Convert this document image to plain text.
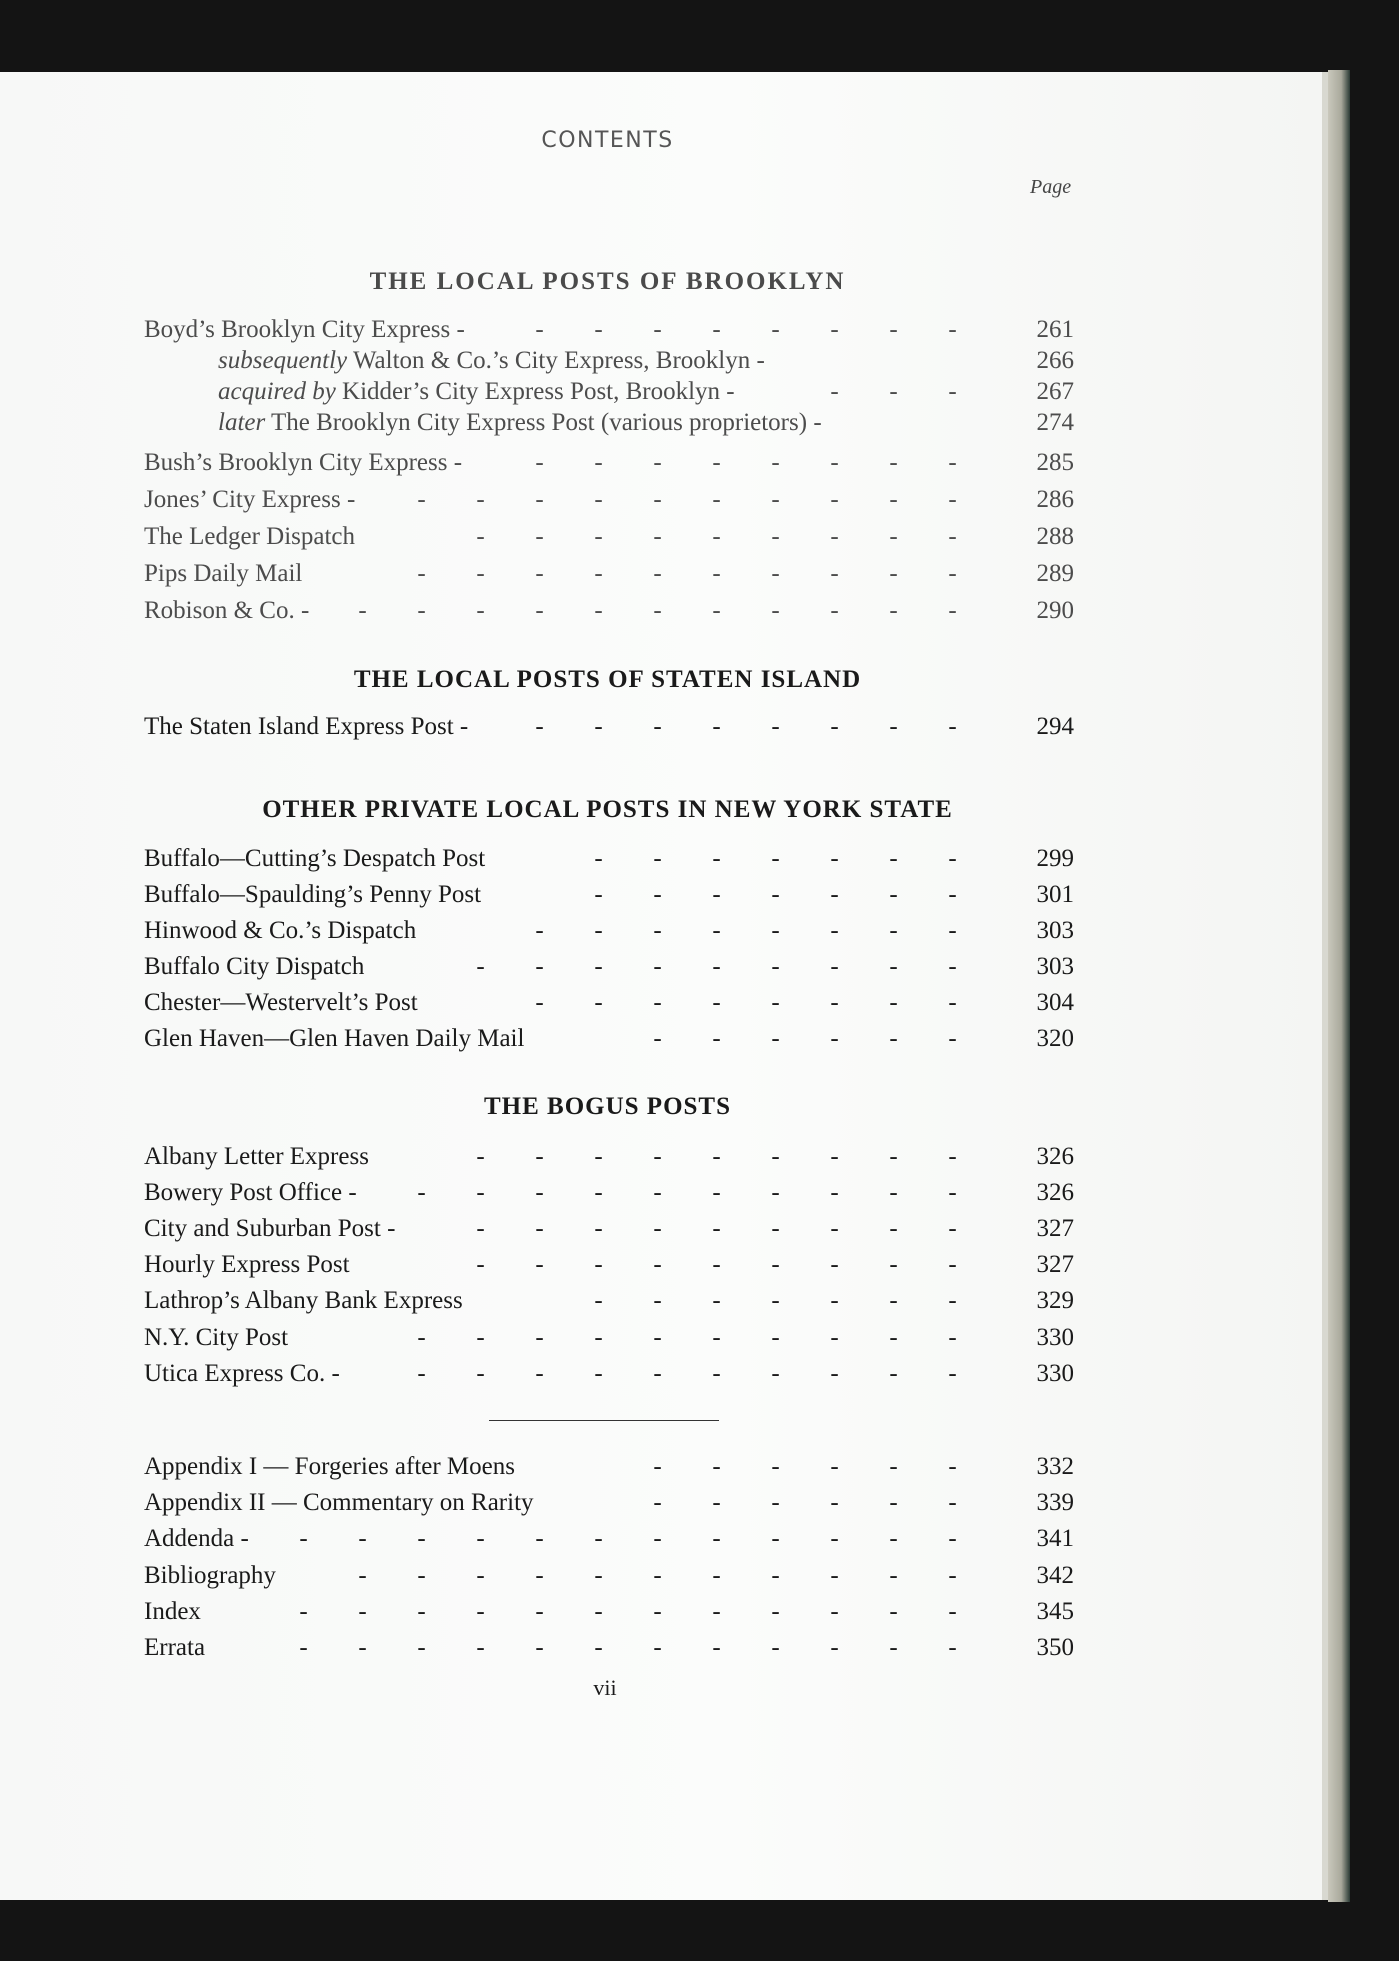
CONTENTS
Page
THE LOCAL POSTS OF BROOKLYN
Boyd’s Brooklyn City Express -	- - - - - - - -	261
subsequently Walton & Co.’s City Express, Brooklyn -	266
acquired by Kidder’s City Express Post, Brooklyn -	- - -	267
later The Brooklyn City Express Post (various proprietors) -	274
Bush’s Brooklyn City Express -	- - - - - - - -	285
Jones’ City Express -	- - - - - - - - - -	286
The Ledger Dispatch	- - - - - - - - -	288
Pips Daily Mail	- - - - - - - - - -	289
Robison & Co. -	- - - - - - - - - - -	290
THE LOCAL POSTS OF STATEN ISLAND
The Staten Island Express Post -	- - - - - - - -	294
OTHER PRIVATE LOCAL POSTS IN NEW YORK STATE
Buffalo—Cutting’s Despatch Post	- - - - - - -	299
Buffalo—Spaulding’s Penny Post	- - - - - - -	301
Hinwood & Co.’s Dispatch	- - - - - - - -	303
Buffalo City Dispatch	- - - - - - - - -	303
Chester—Westervelt’s Post	- - - - - - - -	304
Glen Haven—Glen Haven Daily Mail	- - - - - -	320
THE BOGUS POSTS
Albany Letter Express	- - - - - - - - -	326
Bowery Post Office -	- - - - - - - - - -	326
City and Suburban Post -	- - - - - - - - -	327
Hourly Express Post	- - - - - - - - -	327
Lathrop’s Albany Bank Express	- - - - - - -	329
N.Y. City Post	- - - - - - - - - -	330
Utica Express Co. -	- - - - - - - - - -	330
Appendix I — Forgeries after Moens	- - - - - -	332
Appendix II — Commentary on Rarity	- - - - - -	339
Addenda -	- - - - - - - - - - - -	341
Bibliography	- - - - - - - - - - -	342
Index	- - - - - - - - - - - -	345
Errata	- - - - - - - - - - - -	350
vii
